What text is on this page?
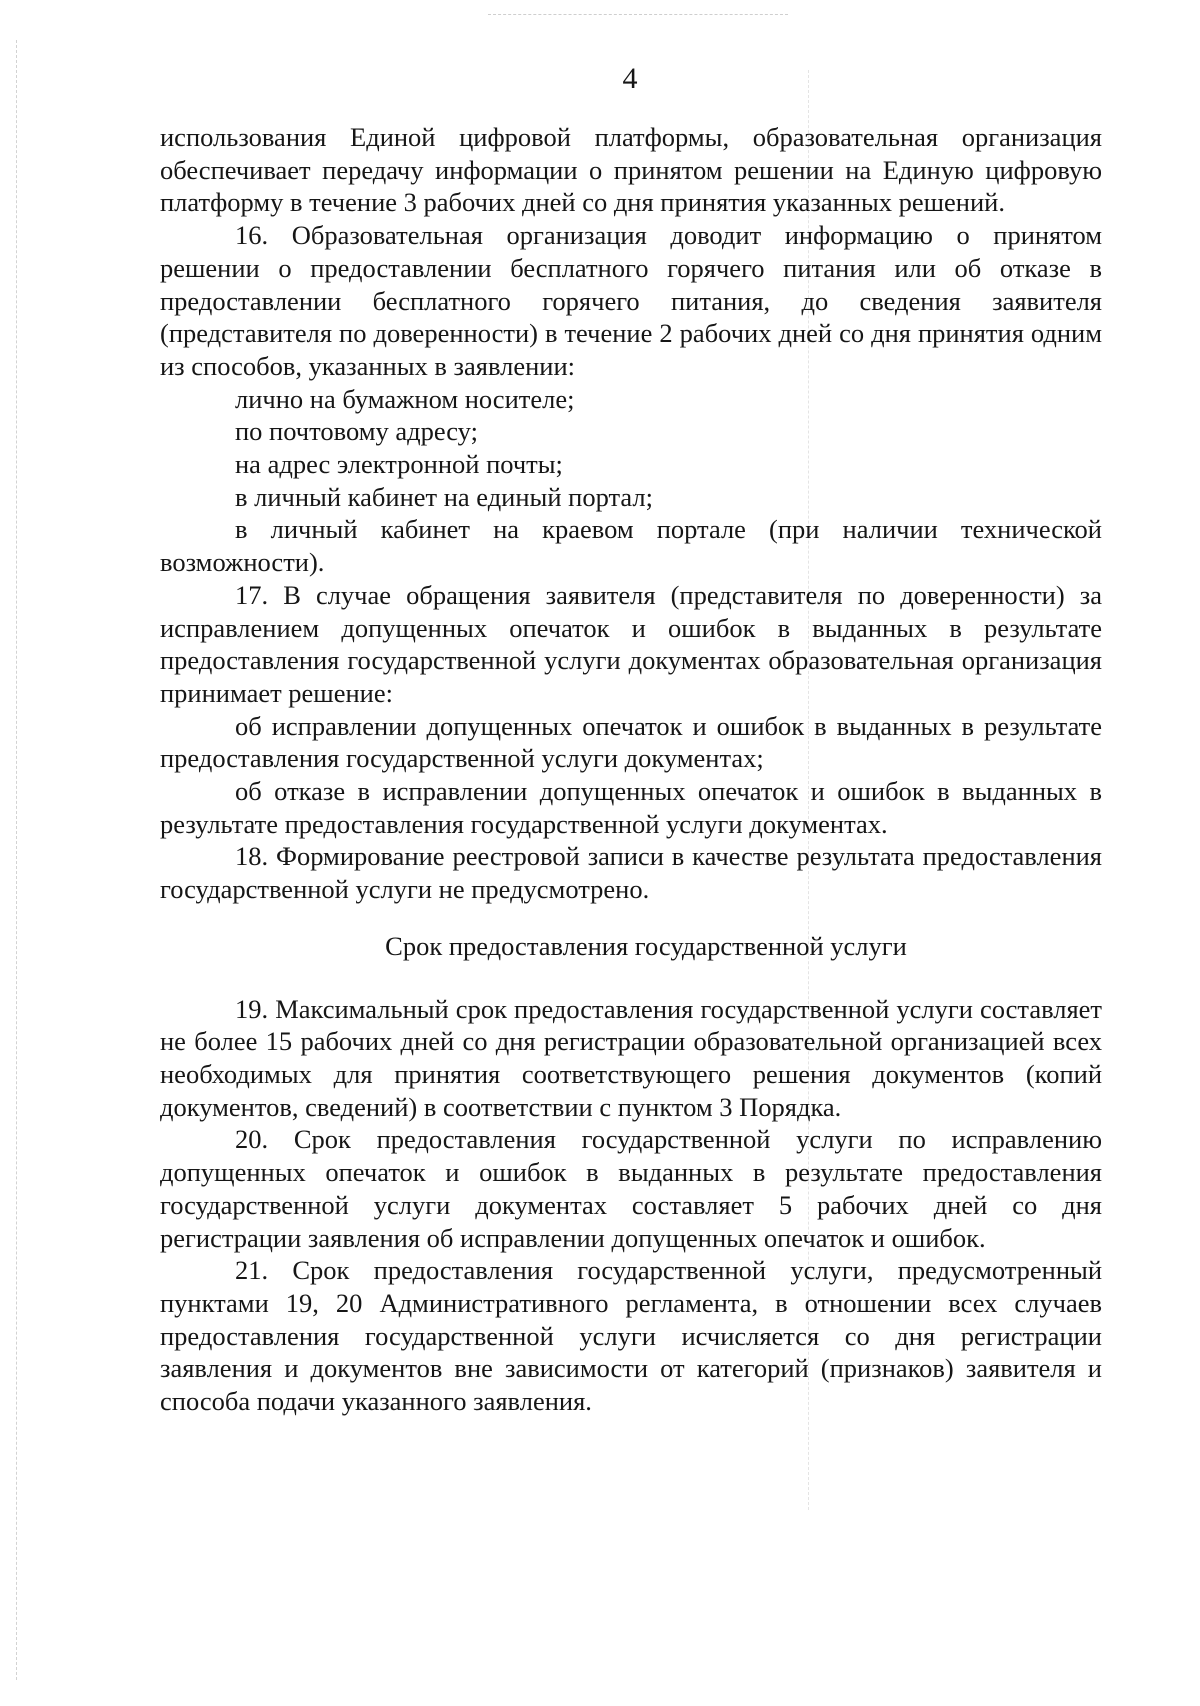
4

использования Единой цифровой платформы, образовательная организация обеспечивает передачу информации о принятом решении на Единую цифровую платформу в течение 3 рабочих дней со дня принятия указанных решений.

16. Образовательная организация доводит информацию о принятом решении о предоставлении бесплатного горячего питания или об отказе в предоставлении бесплатного горячего питания, до сведения заявителя (представителя по доверенности) в течение 2 рабочих дней со дня принятия одним из способов, указанных в заявлении:

лично на бумажном носителе;

по почтовому адресу;

на адрес электронной почты;

в личный кабинет на единый портал;

в личный кабинет на краевом портале (при наличии технической возможности).

17. В случае обращения заявителя (представителя по доверенности) за исправлением допущенных опечаток и ошибок в выданных в результате предоставления государственной услуги документах образовательная организация принимает решение:

об исправлении допущенных опечаток и ошибок в выданных в результате предоставления государственной услуги документах;

об отказе в исправлении допущенных опечаток и ошибок в выданных в результате предоставления государственной услуги документах.

18. Формирование реестровой записи в качестве результата предоставления государственной услуги не предусмотрено.

Срок предоставления государственной услуги

19. Максимальный срок предоставления государственной услуги составляет не более 15 рабочих дней со дня регистрации образовательной организацией всех необходимых для принятия соответствующего решения документов (копий документов, сведений) в соответствии с пунктом 3 Порядка.

20. Срок предоставления государственной услуги по исправлению допущенных опечаток и ошибок в выданных в результате предоставления государственной услуги документах составляет 5 рабочих дней со дня регистрации заявления об исправлении допущенных опечаток и ошибок.

21. Срок предоставления государственной услуги, предусмотренный пунктами 19, 20 Административного регламента, в отношении всех случаев предоставления государственной услуги исчисляется со дня регистрации заявления и документов вне зависимости от категорий (признаков) заявителя и способа подачи указанного заявления.
